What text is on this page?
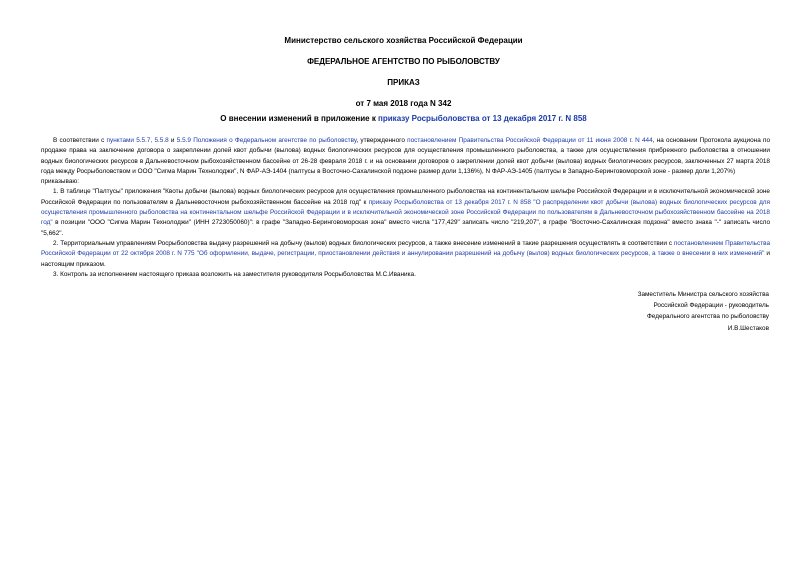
Министерство сельского хозяйства Российской Федерации
ФЕДЕРАЛЬНОЕ АГЕНТСТВО ПО РЫБОЛОВСТВУ
ПРИКАЗ
от 7 мая 2018 года N 342
О внесении изменений в приложение к приказу Росрыболовства от 13 декабря 2017 г. N 858

В соответствии с пунктами 5.5.7, 5.5.8 и 5.5.9 Положения о Федеральном агентстве по рыболовству, утвержденного постановлением Правительства Российской Федерации от 11 июня 2008 г. N 444, на основании Протокола аукциона по продаже права на заключение договора о закреплении долей квот добычи (вылова) водных биологических ресурсов для осуществления промышленного рыболовства, а также для осуществления прибрежного рыболовства в отношении водных биологических ресурсов в Дальневосточном рыбохозяйственном бассейне от 26-28 февраля 2018 г. и на основании договоров о закреплении долей квот добычи (вылова) водных биологических ресурсов, заключенных 27 марта 2018 года между Росрыболовством и ООО "Сигма Марин Технолоджи", N ФАР-АЭ-1404 (палтусы в Восточно-Сахалинской подзоне размер доли 1,136%), N ФАР-АЭ-1405 (палтусы в Западно-Беринговоморской зоне - размер доли 1,207%)

приказываю:

1. В таблице "Палтусы" приложения "Квоты добычи (вылова) водных биологических ресурсов для осуществления промышленного рыболовства на континентальном шельфе Российской Федерации и в исключительной экономической зоне Российской Федерации по пользователям в Дальневосточном рыбохозяйственном бассейне на 2018 год" к приказу Росрыболовства от 13 декабря 2017 г. N 858 "О распределении квот добычи (вылова) водных биологических ресурсов для осуществления промышленного рыболовства на континентальном шельфе Российской Федерации и в исключительной экономической зоне Российской Федерации по пользователям в Дальневосточном рыбохозяйственном бассейне на 2018 год" в позиции "ООО "Сигма Марин Технолоджи" (ИНН 2723050060)": в графе "Западно-Беринговоморская зона" вместо числа "177,429" записать число "219,207", в графе "Восточно-Сахалинская подзона" вместо знака "-" записать число "5,662".

2. Территориальным управлениям Росрыболовства выдачу разрешений на добычу (вылов) водных биологических ресурсов, а также внесение изменений в такие разрешения осуществлять в соответствии с постановлением Правительства Российской Федерации от 22 октября 2008 г. N 775 "Об оформлении, выдаче, регистрации, приостановлении действия и аннулировании разрешений на добычу (вылов) водных биологических ресурсов, а также о внесении в них изменений" и настоящим приказом.

3. Контроль за исполнением настоящего приказа возложить на заместителя руководителя Росрыболовства М.С.Иваника.

Заместитель Министра сельского хозяйства
Российской Федерации - руководитель
Федерального агентства по рыболовству
И.В.Шестаков
